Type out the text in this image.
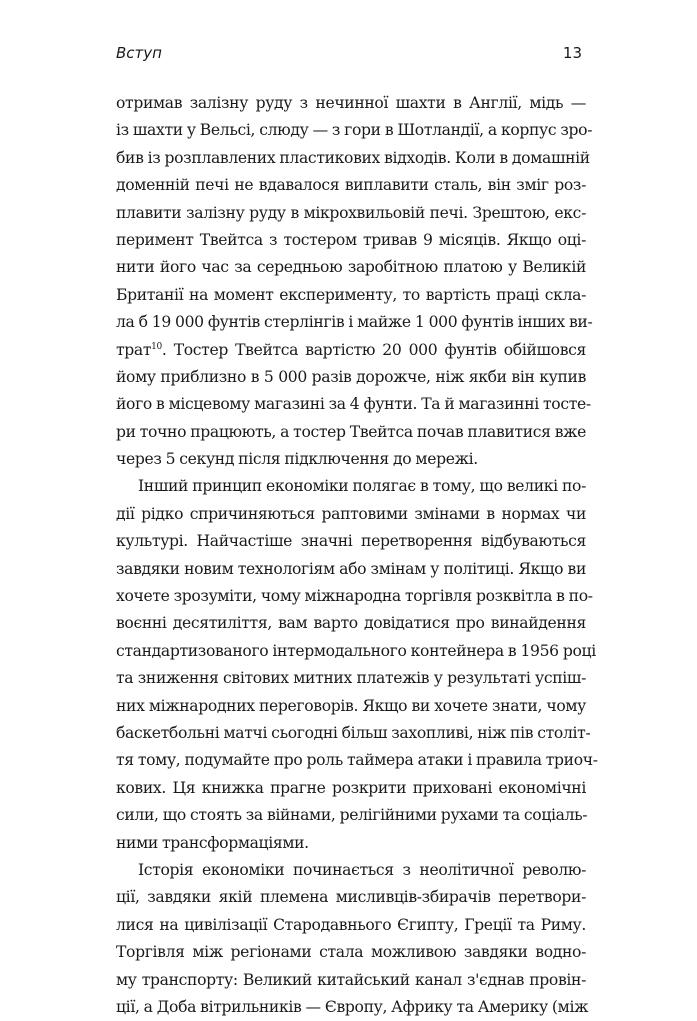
Вступ	13
отримав залізну руду з нечинної шахти в Англії, мідь —
із шахти у Вельсі, слюду — з гори в Шотландії, а корпус зро-
бив із розплавлених пластикових відходів. Коли в домашній
доменній печі не вдавалося виплавити сталь, він зміг роз-
плавити залізну руду в мікрохвильовій печі. Зрештою, екс-
перимент Твейтса з тостером тривав 9 місяців. Якщо оці-
нити його час за середньою заробітною платою у Великій
Британії на момент експерименту, то вартість праці скла-
ла б 19 000 фунтів стерлінгів і майже 1 000 фунтів інших ви-
трат$^{10}$. Тостер Твейтса вартістю 20 000 фунтів обійшовся
йому приблизно в 5 000 разів дорожче, ніж якби він купив
його в місцевому магазині за 4 фунти. Та й магазинні тосте-
ри точно працюють, а тостер Твейтса почав плавитися вже
через 5 секунд після підключення до мережі.
Інший принцип економіки полягає в тому, що великі по-
дії рідко спричиняються раптовими змінами в нормах чи
культурі. Найчастіше значні перетворення відбуваються
завдяки новим технологіям або змінам у політиці. Якщо ви
хочете зрозуміти, чому міжнародна торгівля розквітла в по-
воєнні десятиліття, вам варто довідатися про винайдення
стандартизованого інтермодального контейнера в 1956 році
та зниження світових митних платежів у результаті успіш-
них міжнародних переговорів. Якщо ви хочете знати, чому
баскетбольні матчі сьогодні більш захопливі, ніж пів століт-
тя тому, подумайте про роль таймера атаки і правила триоч-
кових. Ця книжка прагне розкрити приховані економічні
сили, що стоять за війнами, релігійними рухами та соціаль-
ними трансформаціями.
Історія економіки починається з неолітичної револю-
ції, завдяки якій племена мисливців-збирачів перетвори-
лися на цивілізації Стародавнього Єгипту, Греції та Риму.
Торгівля між регіонами стала можливою завдяки водно-
му транспорту: Великий китайський канал з'єднав провін-
ції, а Доба вітрильників — Європу, Африку та Америку (між
